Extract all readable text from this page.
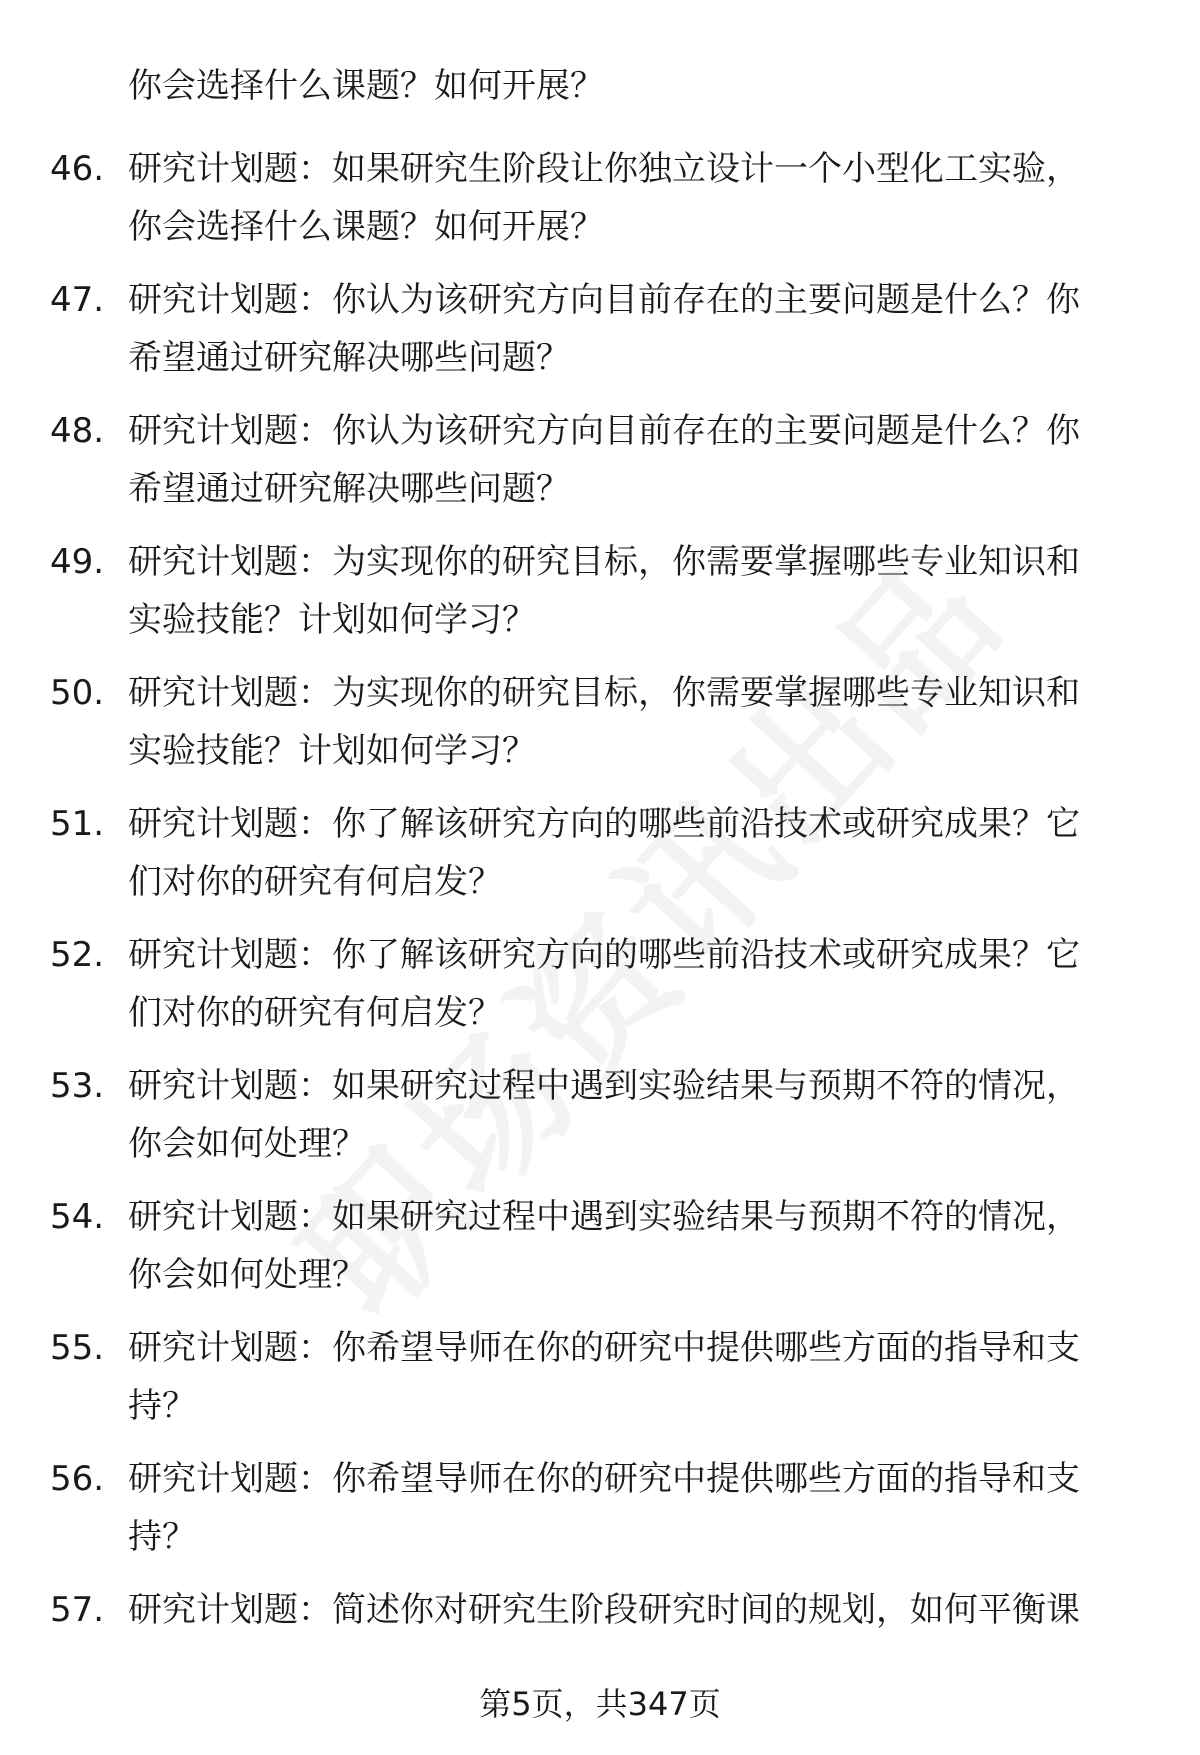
你会选择什么课题？如何开展？
46. 研究计划题：如果研究生阶段让你独立设计一个小型化工实验，
你会选择什么课题？如何开展？
47. 研究计划题：你认为该研究方向目前存在的主要问题是什么？你
希望通过研究解决哪些问题？
48. 研究计划题：你认为该研究方向目前存在的主要问题是什么？你
希望通过研究解决哪些问题？
49. 研究计划题：为实现你的研究目标，你需要掌握哪些专业知识和
实验技能？计划如何学习？
50. 研究计划题：为实现你的研究目标，你需要掌握哪些专业知识和
实验技能？计划如何学习？
51. 研究计划题：你了解该研究方向的哪些前沿技术或研究成果？它
们对你的研究有何启发？
52. 研究计划题：你了解该研究方向的哪些前沿技术或研究成果？它
们对你的研究有何启发？
53. 研究计划题：如果研究过程中遇到实验结果与预期不符的情况，
你会如何处理？
54. 研究计划题：如果研究过程中遇到实验结果与预期不符的情况，
你会如何处理？
55. 研究计划题：你希望导师在你的研究中提供哪些方面的指导和支
持？
56. 研究计划题：你希望导师在你的研究中提供哪些方面的指导和支
持？
57. 研究计划题：简述你对研究生阶段研究时间的规划，如何平衡课
第5页，共347页
